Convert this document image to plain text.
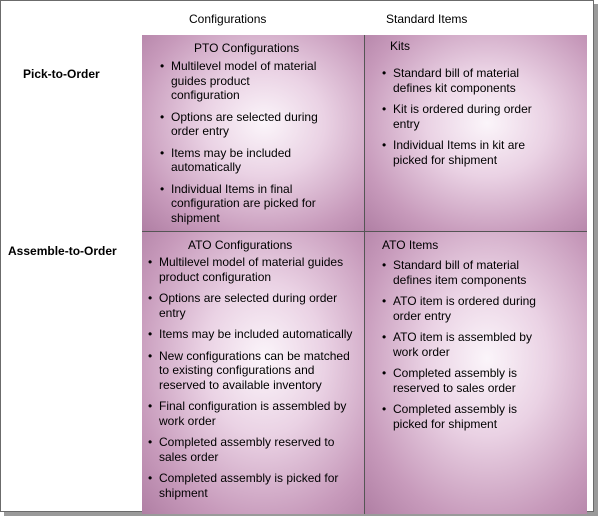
Configurations	Standard Items
Pick-to-Order
Assemble-to-Order
PTO Configurations
• Multilevel model of material guides product configuration
• Options are selected during order entry
• Items may be included automatically
• Individual Items in final configuration are picked for shipment
Kits
• Standard bill of material defines kit components
• Kit is ordered during order entry
• Individual Items in kit are picked for shipment
ATO Configurations
• Multilevel model of material guides product configuration
• Options are selected during order entry
• Items may be included automatically
• New configurations can be matched to existing configurations and reserved to available inventory
• Final configuration is assembled by work order
• Completed assembly reserved to sales order
• Completed assembly is picked for shipment
ATO Items
• Standard bill of material defines item components
• ATO item is ordered during order entry
• ATO item is assembled by work order
• Completed assembly is reserved to sales order
• Completed assembly is picked for shipment
